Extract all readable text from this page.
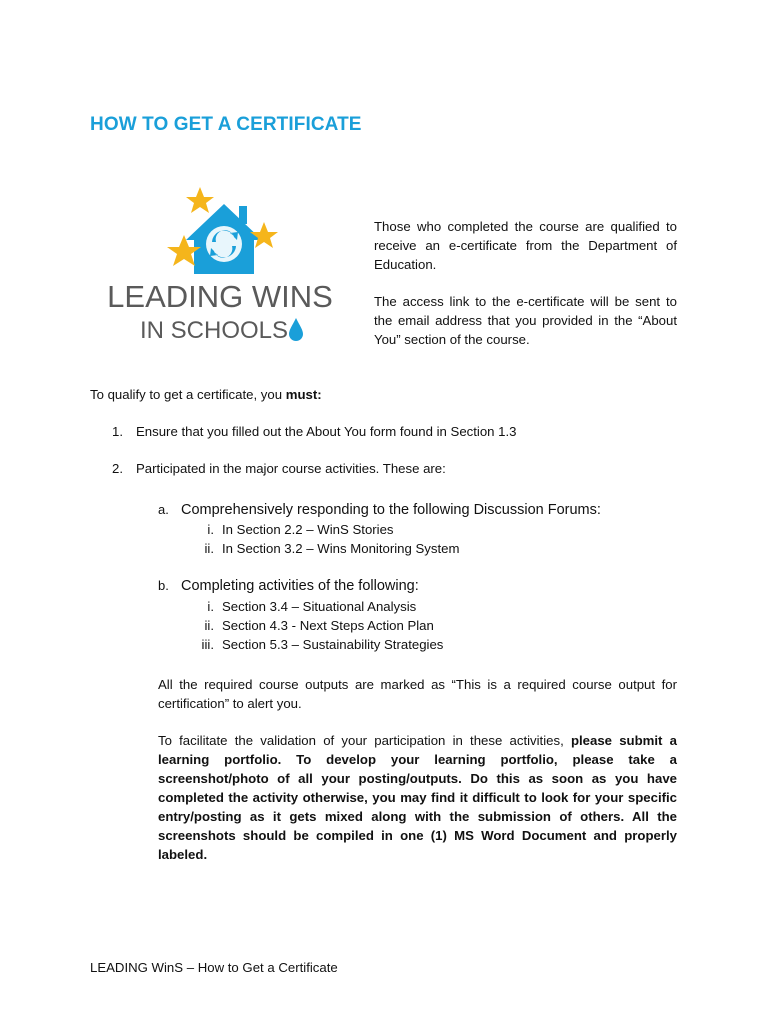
HOW TO GET A CERTIFICATE
LEADING WINS
IN SCHOOLS

Those who completed the course are qualified to receive an e-certificate from the Department of Education.

The access link to the e-certificate will be sent to the email address that you provided in the “About You” section of the course.

To qualify to get a certificate, you must:
1. Ensure that you filled out the About You form found in Section 1.3
2. Participated in the major course activities. These are:
a. Comprehensively responding to the following Discussion Forums:
i. In Section 2.2 – WinS Stories
ii. In Section 3.2 – Wins Monitoring System
b. Completing activities of the following:
i. Section 3.4 – Situational Analysis
ii. Section 4.3 - Next Steps Action Plan
iii. Section 5.3 – Sustainability Strategies

All the required course outputs are marked as “This is a required course output for certification” to alert you.

To facilitate the validation of your participation in these activities, please submit a learning portfolio. To develop your learning portfolio, please take a screenshot/photo of all your posting/outputs. Do this as soon as you have completed the activity otherwise, you may find it difficult to look for your specific entry/posting as it gets mixed along with the submission of others. All the screenshots should be compiled in one (1) MS Word Document and properly labeled.

LEADING WinS – How to Get a Certificate
